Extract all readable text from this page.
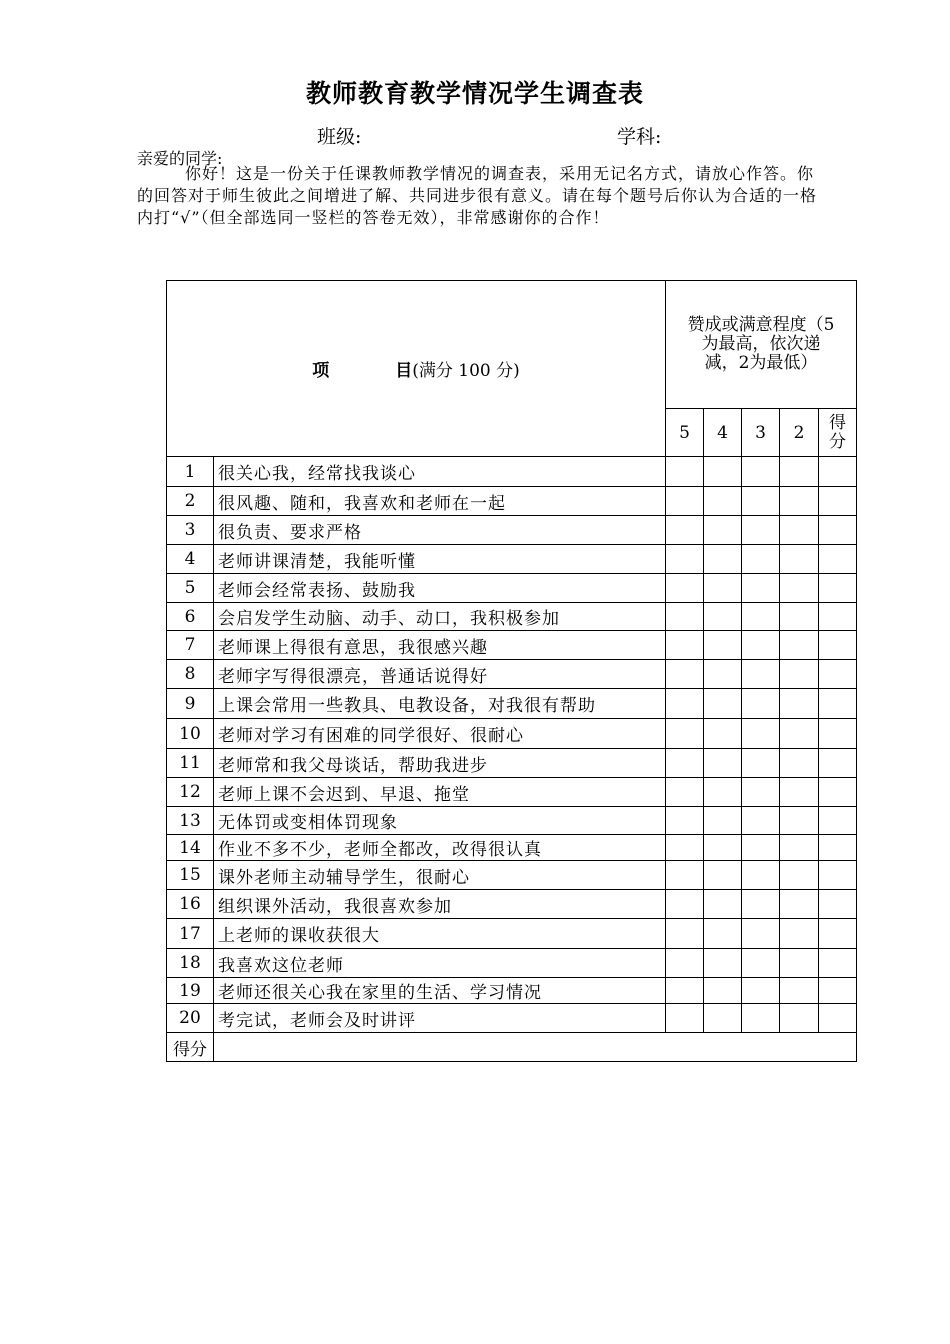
教师教育教学情况学生调查表
班级:	学科:
亲爱的同学:
你好！这是一份关于任课教师教学情况的调查表，采用无记名方式，请放心作答。你的回答对于师生彼此之间增进了解、共同进步很有意义。请在每个题号后你认为合适的一格内打“√”（但全部选同一竖栏的答卷无效），非常感谢你的合作！
项 目(满分 100 分)		赞成或满意程度（5为最高，依次递减，2为最低）				

		5	4	3	2	得分

1	很关心我，经常找我谈心					
2	很风趣、随和，我喜欢和老师在一起					
3	很负责、要求严格					
4	老师讲课清楚，我能听懂					
5	老师会经常表扬、鼓励我					
6	会启发学生动脑、动手、动口，我积极参加					
7	老师课上得很有意思，我很感兴趣					
8	老师字写得很漂亮，普通话说得好					
9	上课会常用一些教具、电教设备，对我很有帮助					
10	老师对学习有困难的同学很好、很耐心					
11	老师常和我父母谈话，帮助我进步					
12	老师上课不会迟到、早退、拖堂					
13	无体罚或变相体罚现象					
14	作业不多不少，老师全都改，改得很认真					
15	课外老师主动辅导学生，很耐心					
16	组织课外活动，我很喜欢参加					
17	上老师的课收获很大					
18	我喜欢这位老师					
19	老师还很关心我在家里的生活、学习情况					
20	考完试，老师会及时讲评					
得分						
